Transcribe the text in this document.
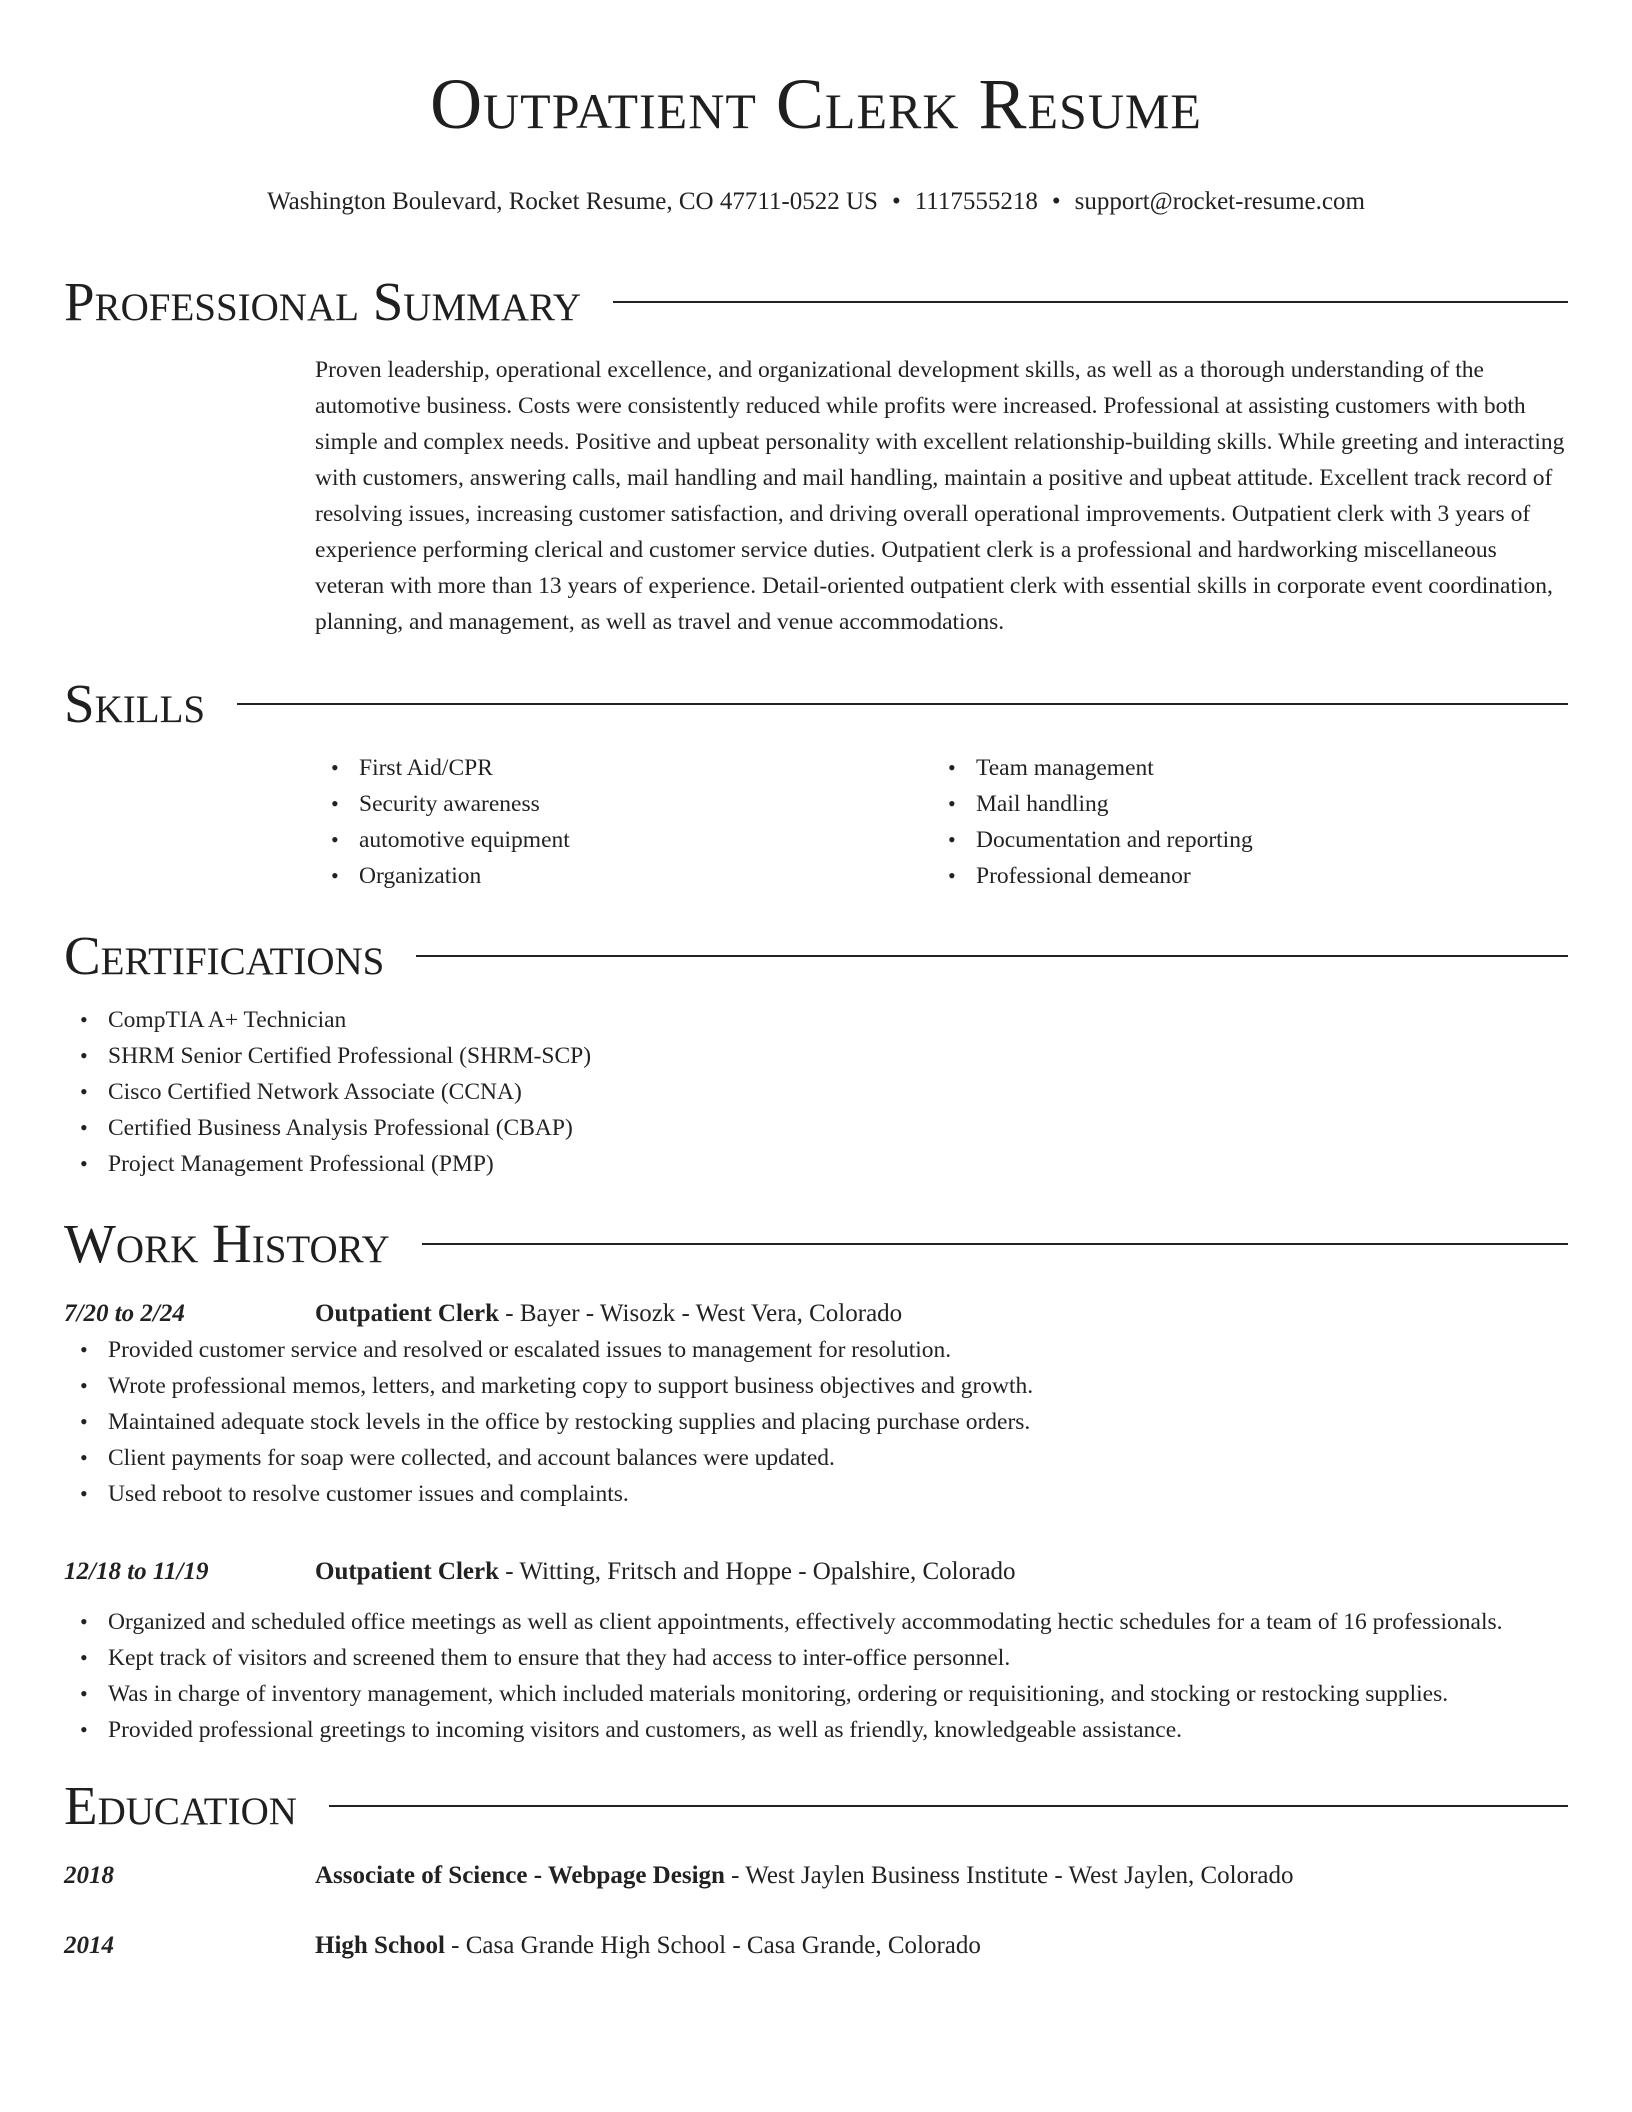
Outpatient Clerk Resume
Washington Boulevard, Rocket Resume, CO 47711-0522 US • 1117555218 • support@rocket-resume.com
Professional Summary

Proven leadership, operational excellence, and organizational development skills, as well as a thorough understanding of the automotive business. Costs were consistently reduced while profits were increased. Professional at assisting customers with both simple and complex needs. Positive and upbeat personality with excellent relationship-building skills. While greeting and interacting with customers, answering calls, mail handling and mail handling, maintain a positive and upbeat attitude. Excellent track record of resolving issues, increasing customer satisfaction, and driving overall operational improvements. Outpatient clerk with 3 years of experience performing clerical and customer service duties. Outpatient clerk is a professional and hardworking miscellaneous veteran with more than 13 years of experience. Detail-oriented outpatient clerk with essential skills in corporate event coordination, planning, and management, as well as travel and venue accommodations.

Skills
• First Aid/CPR
• Security awareness
• automotive equipment
• Organization
• Team management
• Mail handling
• Documentation and reporting
• Professional demeanor
Certifications
• CompTIA A+ Technician
• SHRM Senior Certified Professional (SHRM-SCP)
• Cisco Certified Network Associate (CCNA)
• Certified Business Analysis Professional (CBAP)
• Project Management Professional (PMP)
Work History
7/20 to 2/24	Outpatient Clerk - Bayer - Wisozk - West Vera, Colorado
• Provided customer service and resolved or escalated issues to management for resolution.
• Wrote professional memos, letters, and marketing copy to support business objectives and growth.
• Maintained adequate stock levels in the office by restocking supplies and placing purchase orders.
• Client payments for soap were collected, and account balances were updated.
• Used reboot to resolve customer issues and complaints.
12/18 to 11/19	Outpatient Clerk - Witting, Fritsch and Hoppe - Opalshire, Colorado
• Organized and scheduled office meetings as well as client appointments, effectively accommodating hectic schedules for a team of 16 professionals.
• Kept track of visitors and screened them to ensure that they had access to inter-office personnel.
• Was in charge of inventory management, which included materials monitoring, ordering or requisitioning, and stocking or restocking supplies.
• Provided professional greetings to incoming visitors and customers, as well as friendly, knowledgeable assistance.
Education
2018	Associate of Science - Webpage Design - West Jaylen Business Institute - West Jaylen, Colorado
2014	High School - Casa Grande High School - Casa Grande, Colorado
